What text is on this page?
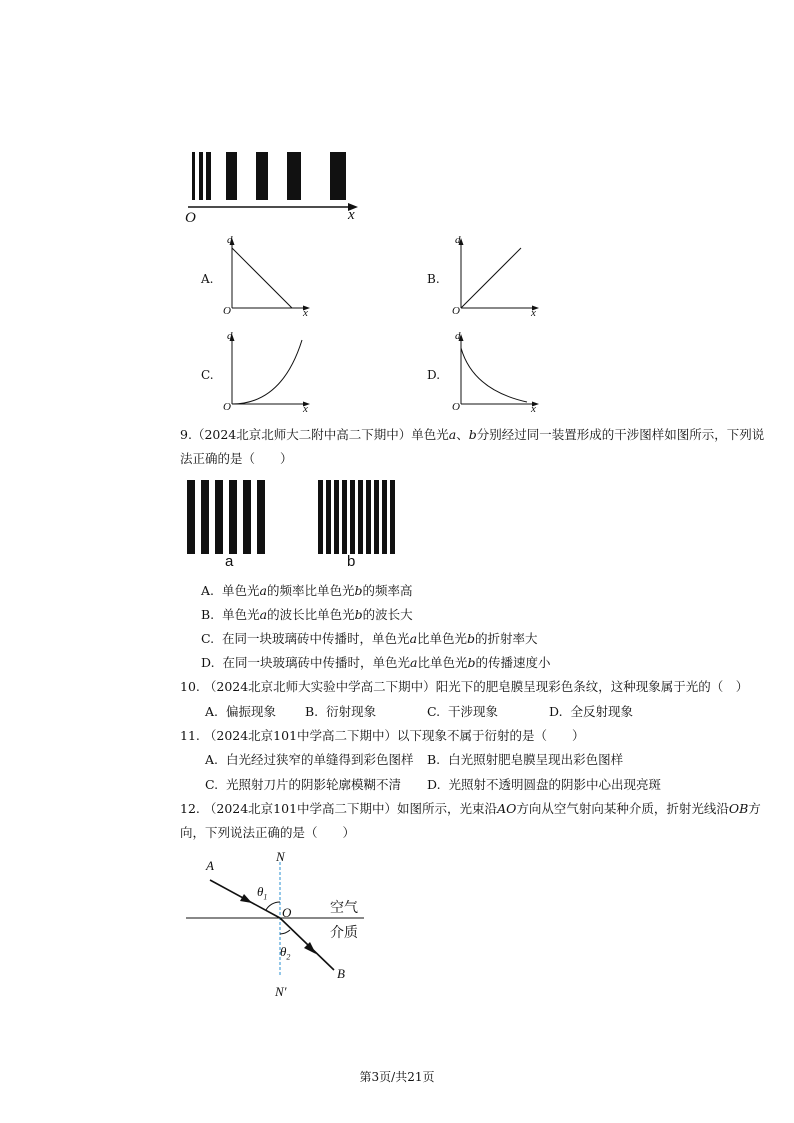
O	x
A.
d
O	x
B.
d
O	x
C.
d
O	x
D.
d
O	x
9.（2024北京北师大二附中高二下期中）单色光a、b分别经过同一装置形成的干涉图样如图所示，下列说
法正确的是（　　）
a	b
A. 单色光a的频率比单色光b的频率高
B. 单色光a的波长比单色光b的波长大
C. 在同一块玻璃砖中传播时，单色光a比单色光b的折射率大
D. 在同一块玻璃砖中传播时，单色光a比单色光b的传播速度小
10. （2024北京北师大实验中学高二下期中）阳光下的肥皂膜呈现彩色条纹，这种现象属于光的（　）
A. 偏振现象 B. 衍射现象	C. 干涉现象	D. 全反射现象
11. （2024北京101中学高二下期中）以下现象不属于衍射的是（　　）
A. 白光经过狭窄的单缝得到彩色图样 B. 白光照射肥皂膜呈现出彩色图样
C. 光照射刀片的阴影轮廓模糊不清 D. 光照射不透明圆盘的阴影中心出现亮斑
12. （2024北京101中学高二下期中）如图所示，光束沿AO方向从空气射向某种介质，折射光线沿OB方
向，下列说法正确的是（　　）
A
N
$\theta_1$
O	空气
介质
$\theta_2$
B
N′
第3页/共21页
